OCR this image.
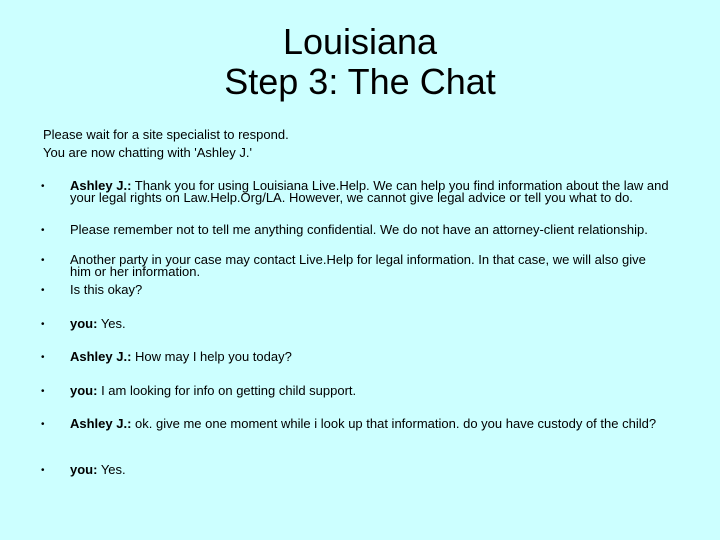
Louisiana
Step 3: The Chat
Please wait for a site specialist to respond.
You are now chatting with 'Ashley J.'
• Ashley J.: Thank you for using Louisiana Live.Help. We can help you find information about the law and your legal rights on Law.Help.Org/LA. However, we cannot give legal advice or tell you what to do.
• Please remember not to tell me anything confidential. We do not have an attorney-client relationship.
• Another party in your case may contact Live.Help for legal information. In that case, we will also give him or her information.
• Is this okay?
• you: Yes.
• Ashley J.: How may I help you today?
• you: I am looking for info on getting child support.
• Ashley J.: ok. give me one moment while i look up that information. do you have custody of the child?
• you: Yes.
